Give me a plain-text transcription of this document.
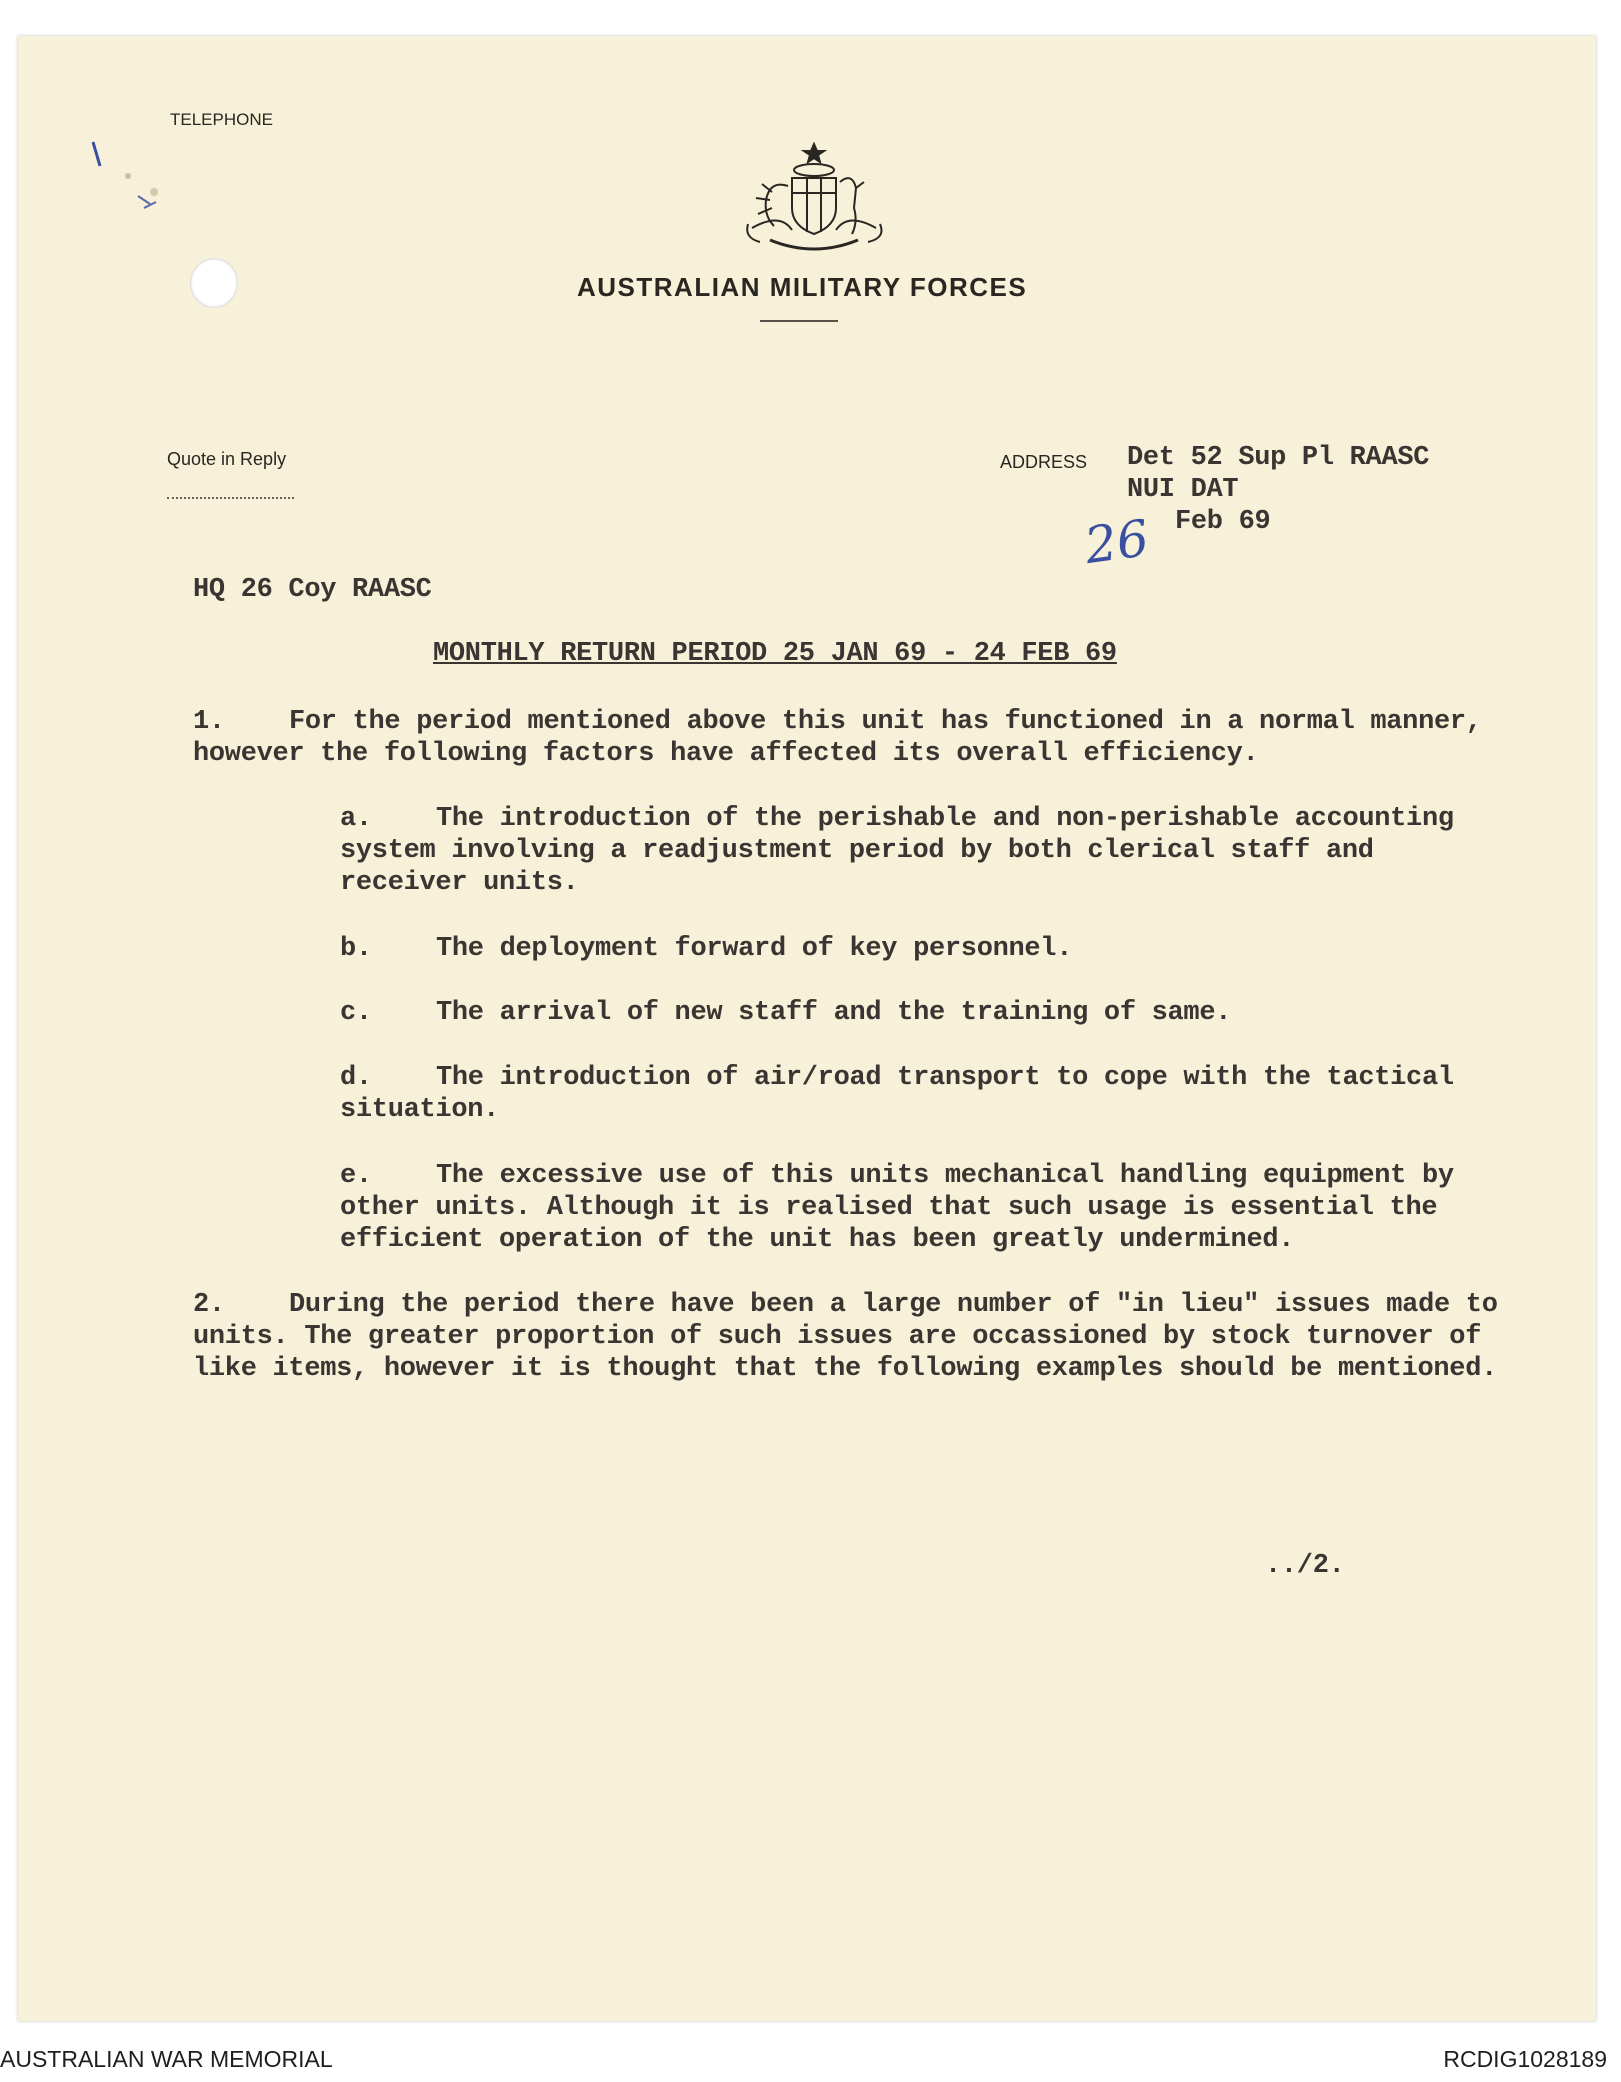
TELEPHONE
AUSTRALIAN MILITARY FORCES
Quote in Reply	ADDRESS Det 52 Sup Pl RAASC
NUI DAT
Feb 69
26
HQ 26 Coy RAASC
MONTHLY RETURN PERIOD 25 JAN 69 - 24 FEB 69
1. For the period mentioned above this unit has functioned in a normal manner, however the following factors have affected its overall efficiency.
a. The introduction of the perishable and non-perishable accounting system involving a readjustment period by both clerical staff and receiver units.
b. The deployment forward of key personnel.
c. The arrival of new staff and the training of same.
d. The introduction of air/road transport to cope with the tactical situation.
e. The excessive use of this units mechanical handling equipment by other units. Although it is realised that such usage is essential the efficient operation of the unit has been greatly undermined.
2. During the period there have been a large number of "in lieu" issues made to units. The greater proportion of such issues are occassioned by stock turnover of like items, however it is thought that the following examples should be mentioned.
../2.
AUSTRALIAN WAR MEMORIAL	RCDIG1028189
